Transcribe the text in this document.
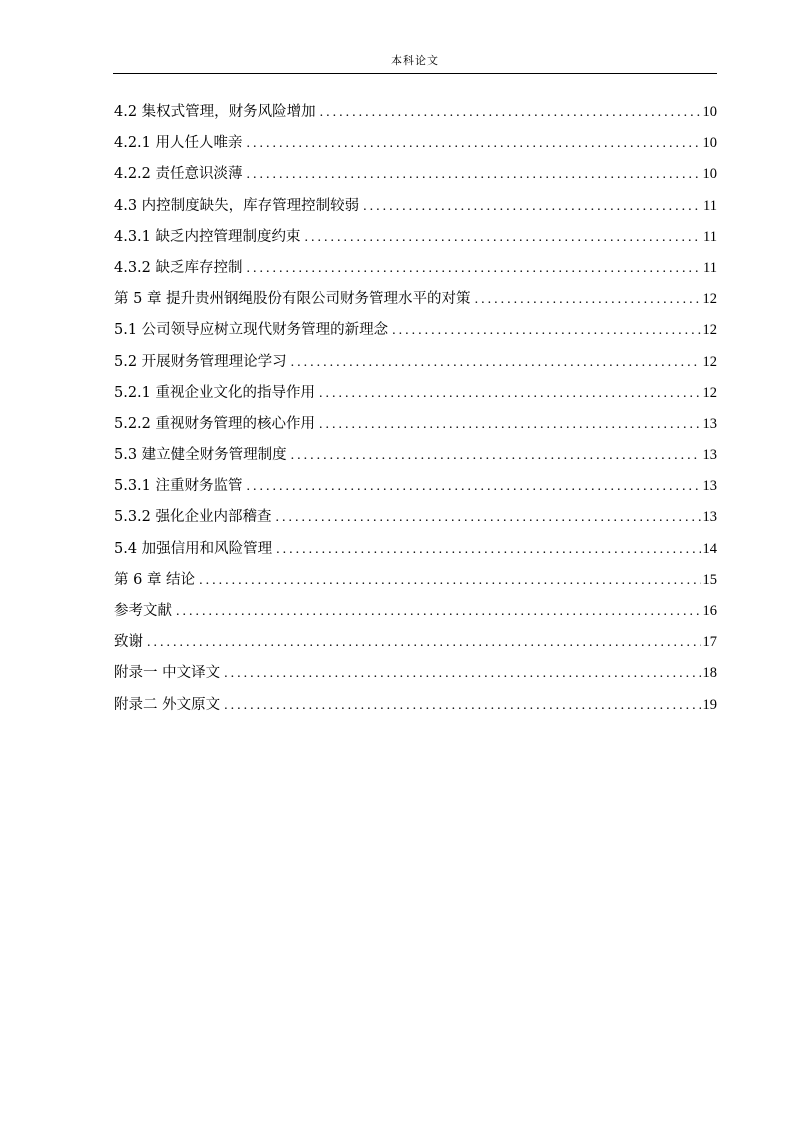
本科论文
4.2 集权式管理，财务风险增加 .....	10
4.2.1 用人任人唯亲 .....	10
4.2.2 责任意识淡薄 .....	10
4.3 内控制度缺失，库存管理控制较弱 .....	11
4.3.1 缺乏内控管理制度约束 .....	11
4.3.2 缺乏库存控制 .....	11
第 5 章 提升贵州钢绳股份有限公司财务管理水平的对策 .....	12
5.1 公司领导应树立现代财务管理的新理念 .....	12
5.2 开展财务管理理论学习 .....	12
5.2.1 重视企业文化的指导作用 .....	12
5.2.2 重视财务管理的核心作用 .....	13
5.3 建立健全财务管理制度 .....	13
5.3.1 注重财务监管 .....	13
5.3.2 强化企业内部稽查 .....	13
5.4 加强信用和风险管理 .....	14
第 6 章 结论 .....	15
参考文献 .....	16
致谢 .....	17
附录一 中文译文 .....	18
附录二 外文原文 .....	19
